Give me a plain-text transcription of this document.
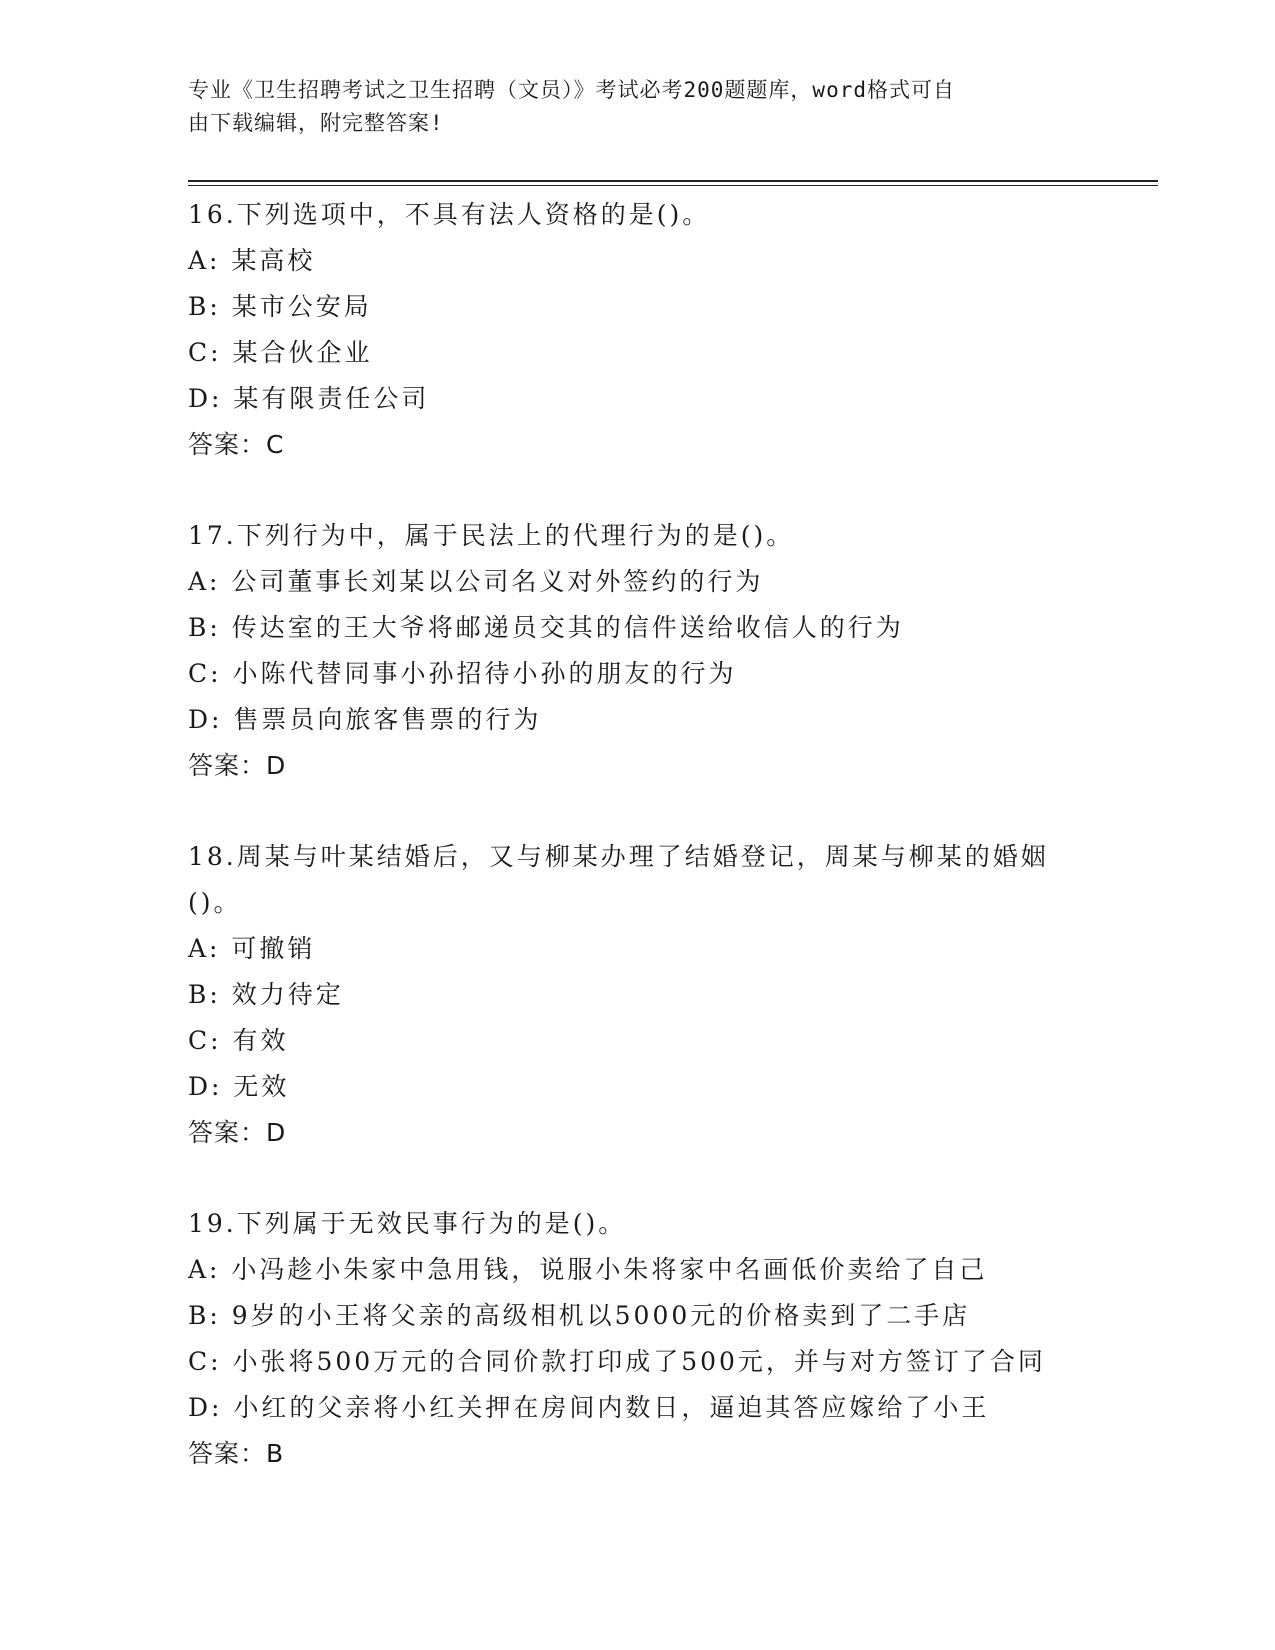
专业《卫生招聘考试之卫生招聘（文员）》考试必考200题题库，word格式可自
由下载编辑，附完整答案!
16.下列选项中，不具有法人资格的是()。
A: 某高校
B: 某市公安局
C: 某合伙企业
D: 某有限责任公司
答案：C
17.下列行为中，属于民法上的代理行为的是()。
A: 公司董事长刘某以公司名义对外签约的行为
B: 传达室的王大爷将邮递员交其的信件送给收信人的行为
C: 小陈代替同事小孙招待小孙的朋友的行为
D: 售票员向旅客售票的行为
答案：D
18.周某与叶某结婚后，又与柳某办理了结婚登记，周某与柳某的婚姻
()。
A: 可撤销
B: 效力待定
C: 有效
D: 无效
答案：D
19.下列属于无效民事行为的是()。
A: 小冯趁小朱家中急用钱，说服小朱将家中名画低价卖给了自己
B: 9岁的小王将父亲的高级相机以5000元的价格卖到了二手店
C: 小张将500万元的合同价款打印成了500元，并与对方签订了合同
D: 小红的父亲将小红关押在房间内数日，逼迫其答应嫁给了小王
答案：B
